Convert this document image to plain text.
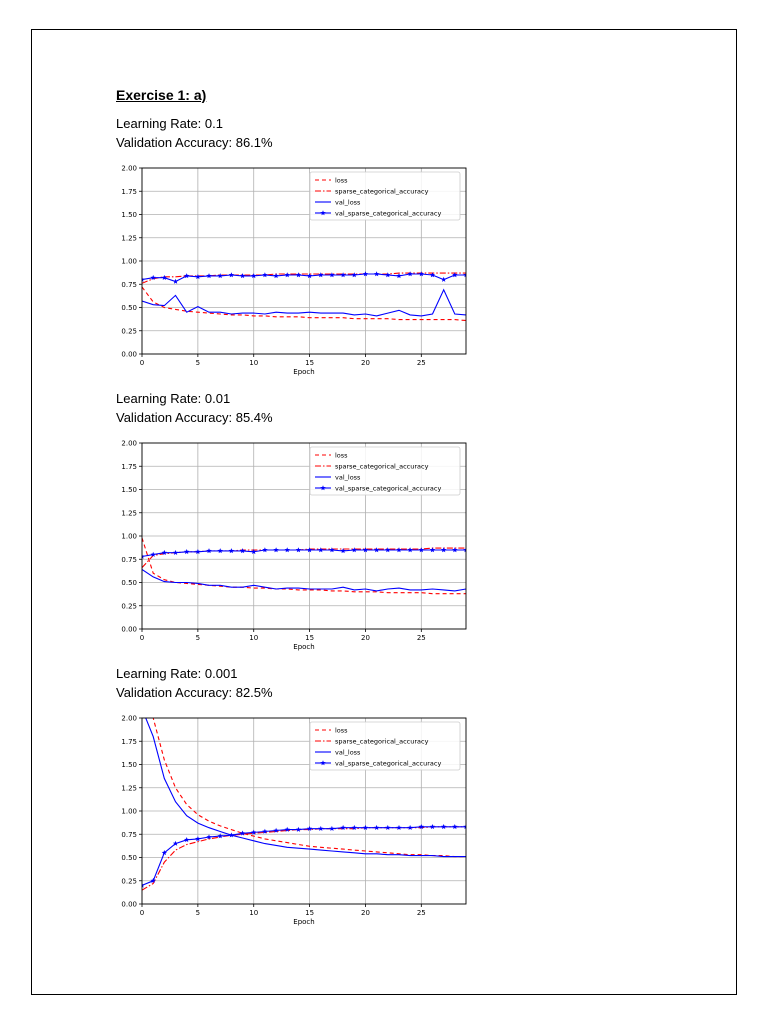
Exercise 1: a)
Learning Rate: 0.1
Validation Accuracy: 86.1%
0.00
0.25
0.50
0.75
1.00
1.25
1.50
1.75
2.00
0	5	10	15	20	25
Epoch
loss
sparse_categorical_accuracy
val_loss
val_sparse_categorical_accuracy
Learning Rate: 0.01
Validation Accuracy: 85.4%
0.00
0.25
0.50
0.75
1.00
1.25
1.50
1.75
2.00
0	5	10	15	20	25
Epoch
loss
sparse_categorical_accuracy
val_loss
val_sparse_categorical_accuracy
Learning Rate: 0.001
Validation Accuracy: 82.5%
0.00
0.25
0.50
0.75
1.00
1.25
1.50
1.75
2.00
0	5	10	15	20	25
Epoch
loss
sparse_categorical_accuracy
val_loss
val_sparse_categorical_accuracy
